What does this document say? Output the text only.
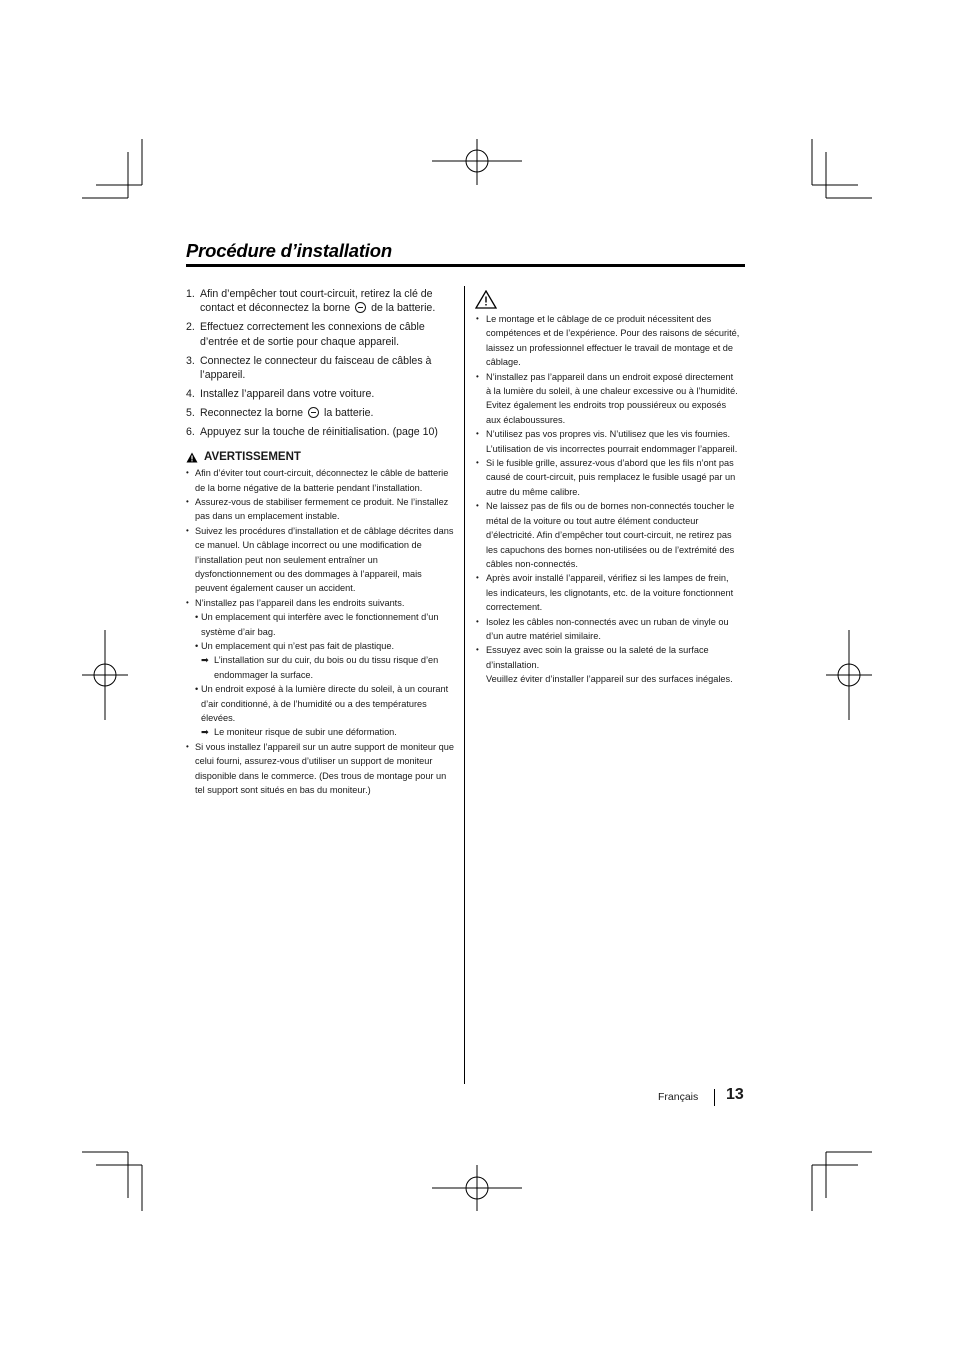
Procédure d’installation
1. Afin d’empêcher tout court-circuit, retirez la clé de contact et déconnectez la borne  de la batterie.
2. Effectuez correctement les connexions de câble d’entrée et de sortie pour chaque appareil.
3. Connectez le connecteur du faisceau de câbles à l’appareil.
4. Installez l’appareil dans votre voiture.
5. Reconnectez la borne  la batterie.
6. Appuyez sur la touche de réinitialisation. (page 10)
AVERTISSEMENT
• Afin d’éviter tout court-circuit, déconnectez le câble de batterie de la borne négative de la batterie pendant l’installation.
• Assurez-vous de stabiliser fermement ce produit. Ne l’installez pas dans un emplacement instable.
• Suivez les procédures d’installation et de câblage décrites dans ce manuel. Un câblage incorrect ou une modification de l’installation peut non seulement entraîner un dysfonctionnement ou des dommages à l’appareil, mais peuvent également causer un accident.
• N’installez pas l’appareil dans les endroits suivants.
• Un emplacement qui interfère avec le fonctionnement d’un système d’air bag.
• Un emplacement qui n’est pas fait de plastique.
➡ L’installation sur du cuir, du bois ou du tissu risque d’en endommager la surface.
• Un endroit exposé à la lumière directe du soleil, à un courant d’air conditionné, à de l’humidité ou a des températures élevées.
➡ Le moniteur risque de subir une déformation.
• Si vous installez l’appareil sur un autre support de moniteur que celui fourni, assurez-vous d’utiliser un support de moniteur disponible dans le commerce. (Des trous de montage pour un tel support sont situés en bas du moniteur.)
• Le montage et le câblage de ce produit nécessitent des compétences et de l’expérience. Pour des raisons de sécurité, laissez un professionnel effectuer le travail de montage et de câblage.
• N’installez pas l’appareil dans un endroit exposé directement à la lumière du soleil, à une chaleur excessive ou à l’humidité. Evitez également les endroits trop poussiéreux ou exposés aux éclaboussures.
• N’utilisez pas vos propres vis. N’utilisez que les vis fournies. L’utilisation de vis incorrectes pourrait endommager l’appareil.
• Si le fusible grille, assurez-vous d’abord que les fils n’ont pas causé de court-circuit, puis remplacez le fusible usagé par un autre du même calibre.
• Ne laissez pas de fils ou de bornes non-connectés toucher le métal de la voiture ou tout autre élément conducteur d’électricité. Afin d’empêcher tout court-circuit, ne retirez pas les capuchons des bornes non-utilisées ou de l’extrémité des câbles non-connectés.
• Après avoir installé l’appareil, vérifiez si les lampes de frein, les indicateurs, les clignotants, etc. de la voiture fonctionnent correctement.
• Isolez les câbles non-connectés avec un ruban de vinyle ou d’un autre matériel similaire.
• Essuyez avec soin la graisse ou la saleté de la surface d’installation.
Veuillez éviter d’installer l’appareil sur des surfaces inégales.
Français 13
